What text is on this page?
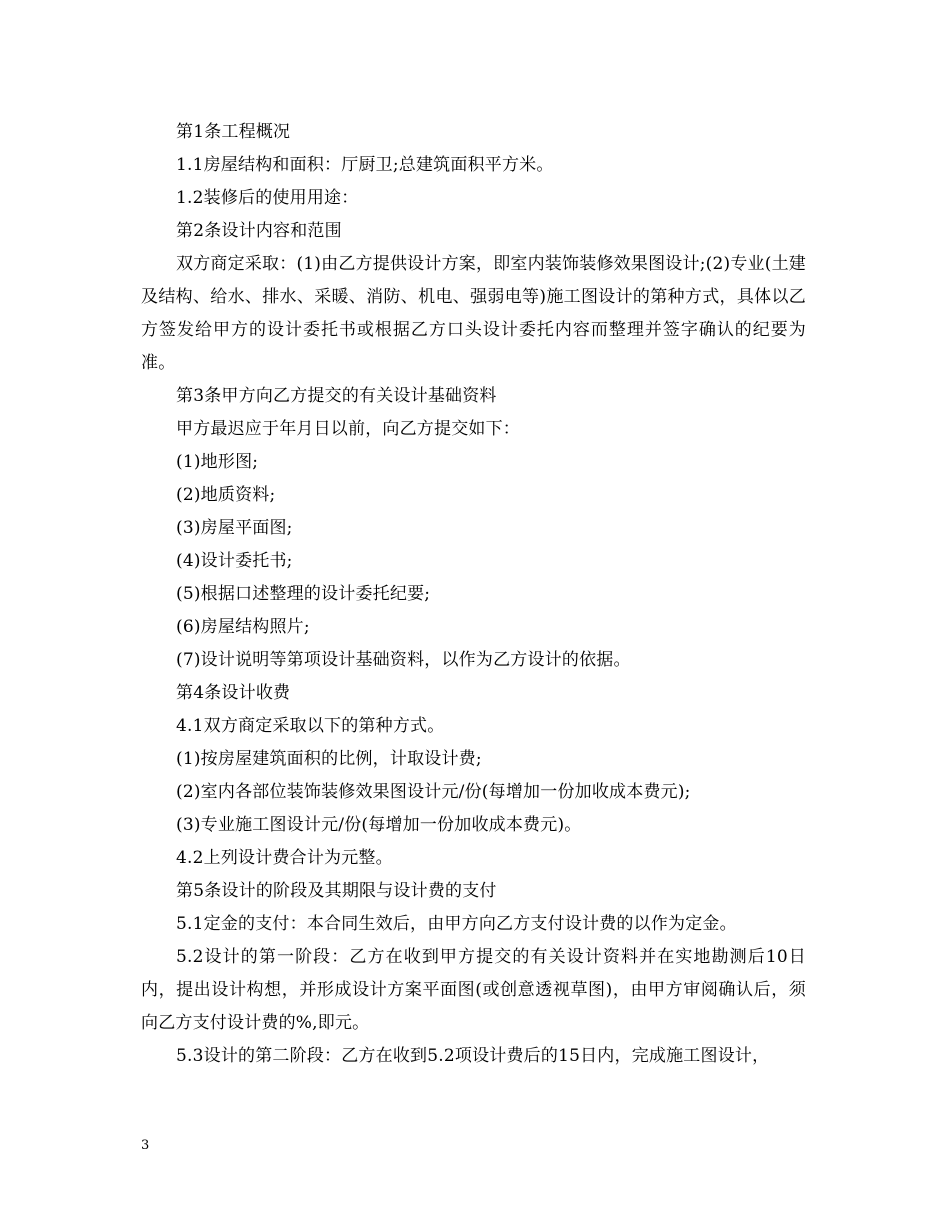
第1条工程概况

1.1房屋结构和面积：厅厨卫;总建筑面积平方米。

1.2装修后的使用用途：

第2条设计内容和范围

双方商定采取：(1)由乙方提供设计方案，即室内装饰装修效果图设计;(2)专业(土建及结构、给水、排水、采暖、消防、机电、强弱电等)施工图设计的第种方式，具体以乙方签发给甲方的设计委托书或根据乙方口头设计委托内容而整理并签字确认的纪要为准。

第3条甲方向乙方提交的有关设计基础资料

甲方最迟应于年月日以前，向乙方提交如下：

(1)地形图;

(2)地质资料;

(3)房屋平面图;

(4)设计委托书;

(5)根据口述整理的设计委托纪要;

(6)房屋结构照片;

(7)设计说明等第项设计基础资料，以作为乙方设计的依据。

第4条设计收费

4.1双方商定采取以下的第种方式。

(1)按房屋建筑面积的比例，计取设计费;

(2)室内各部位装饰装修效果图设计元/份(每增加一份加收成本费元);

(3)专业施工图设计元/份(每增加一份加收成本费元)。

4.2上列设计费合计为元整。

第5条设计的阶段及其期限与设计费的支付

5.1定金的支付：本合同生效后，由甲方向乙方支付设计费的以作为定金。

5.2设计的第一阶段：乙方在收到甲方提交的有关设计资料并在实地勘测后10日内，提出设计构想，并形成设计方案平面图(或创意透视草图)，由甲方审阅确认后，须向乙方支付设计费的%,即元。

5.3设计的第二阶段：乙方在收到5.2项设计费后的15日内，完成施工图设计，

3
